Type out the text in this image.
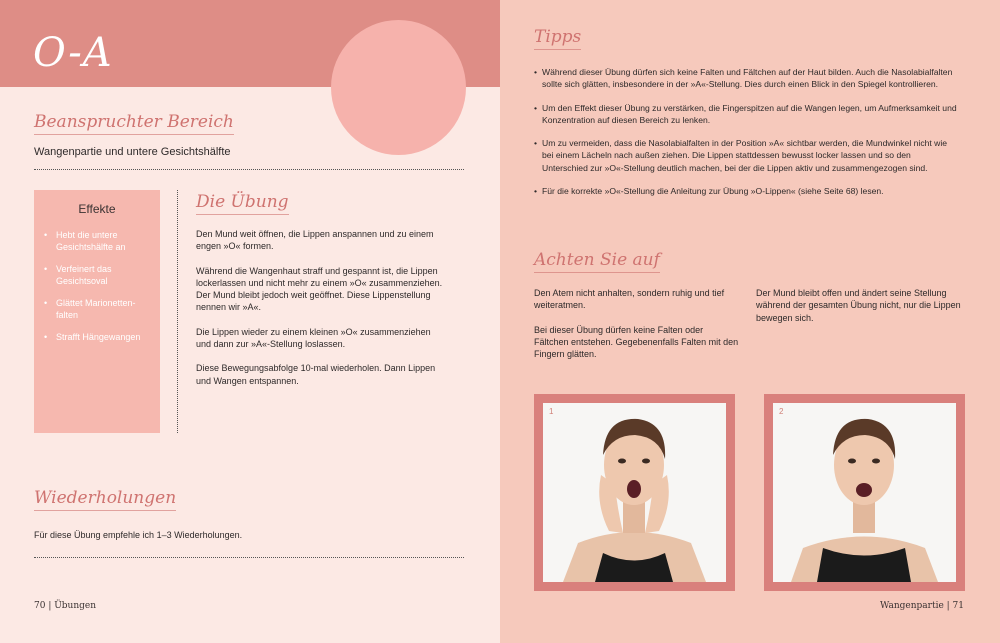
O-A
Beanspruchter Bereich
Wangenpartie und untere Gesichtshälfte
Effekte
• Hebt die untere Gesichtshälfte an
• Verfeinert das Gesichtsoval
• Glättet Marionetten-falten
• Strafft Hängewangen
Die Übung

Den Mund weit öffnen, die Lippen anspannen und zu einem engen »O« formen.

Während die Wangenhaut straff und gespannt ist, die Lippen lockerlassen und nicht mehr zu einem »O« zusammenziehen. Der Mund bleibt jedoch weit geöffnet. Diese Lippenstellung nennen wir »A«.

Die Lippen wieder zu einem kleinen »O« zusammenziehen und dann zur »A«-Stellung loslassen.

Diese Bewegungsabfolge 10-mal wiederholen. Dann Lippen und Wangen entspannen.

Wiederholungen
Für diese Übung empfehle ich 1–3 Wiederholungen.
70 | Übungen
Tipps
• Während dieser Übung dürfen sich keine Falten und Fältchen auf der Haut bilden. Auch die Nasolabialfalten sollte sich glätten, insbesondere in der »A«-Stellung. Dies durch einen Blick in den Spiegel kontrollieren.
• Um den Effekt dieser Übung zu verstärken, die Fingerspitzen auf die Wangen legen, um Aufmerksamkeit und Konzentration auf diesen Bereich zu lenken.
• Um zu vermeiden, dass die Nasolabialfalten in der Position »A« sichtbar werden, die Mundwinkel nicht wie bei einem Lächeln nach außen ziehen. Die Lippen stattdessen bewusst locker lassen und so den Unterschied zur »O«-Stellung deutlich machen, bei der die Lippen aktiv und zusammengezogen sind.
• Für die korrekte »O«-Stellung die Anleitung zur Übung »O-Lippen« (siehe Seite 68) lesen.
Achten Sie auf

Den Atem nicht anhalten, sondern ruhig und tief weiteratmen.

Bei dieser Übung dürfen keine Falten oder Fältchen entstehen. Gegebenenfalls Falten mit den Fingern glätten.

Der Mund bleibt offen und ändert seine Stellung während der gesamten Übung nicht, nur die Lippen bewegen sich.

1	2
Wangenpartie | 71
